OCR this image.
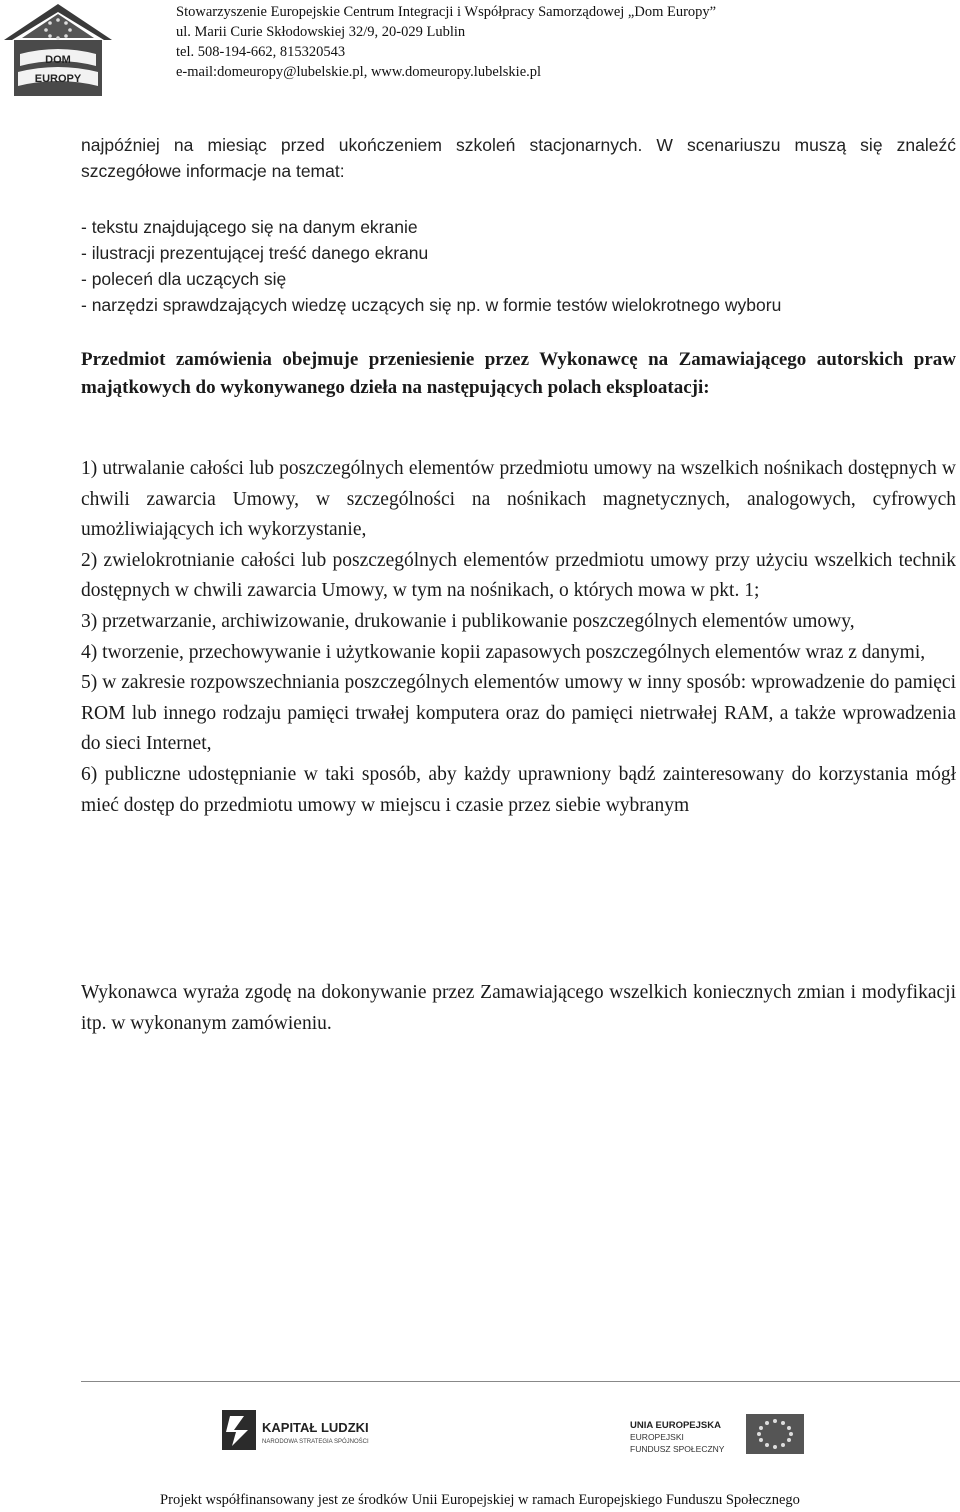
DOM
EUROPY
Stowarzyszenie Europejskie Centrum Integracji i Współpracy Samorządowej „Dom Europy”
ul. Marii Curie Skłodowskiej 32/9, 20-029 Lublin
tel. 508-194-662, 815320543
e-mail:domeuropy@lubelskie.pl, www.domeuropy.lubelskie.pl

najpóźniej na miesiąc przed ukończeniem szkoleń stacjonarnych. W scenariuszu muszą się znaleźć szczegółowe informacje na temat:

- tekstu znajdującego się na danym ekranie
- ilustracji prezentującej treść danego ekranu
- poleceń dla uczących się
- narzędzi sprawdzających wiedzę uczących się np. w formie testów wielokrotnego wyboru
Przedmiot zamówienia obejmuje przeniesienie przez Wykonawcę na Zamawiającego autorskich praw majątkowych do wykonywanego dzieła na następujących polach eksploatacji:

1) utrwalanie całości lub poszczególnych elementów przedmiotu umowy na wszelkich nośnikach dostępnych w chwili zawarcia Umowy, w szczególności na nośnikach magnetycznych, analogowych, cyfrowych umożliwiających ich wykorzystanie,

2) zwielokrotnianie całości lub poszczególnych elementów przedmiotu umowy przy użyciu wszelkich technik dostępnych w chwili zawarcia Umowy, w tym na nośnikach, o których mowa w pkt. 1;

3) przetwarzanie, archiwizowanie, drukowanie i publikowanie poszczególnych elementów umowy,

4) tworzenie, przechowywanie i użytkowanie kopii zapasowych poszczególnych elementów wraz z danymi,

5) w zakresie rozpowszechniania poszczególnych elementów umowy w inny sposób: wprowadzenie do pamięci ROM lub innego rodzaju pamięci trwałej komputera oraz do pamięci nietrwałej RAM, a także wprowadzenia do sieci Internet,

6) publiczne udostępnianie w taki sposób, aby każdy uprawniony bądź zainteresowany do korzystania mógł mieć dostęp do przedmiotu umowy w miejscu i czasie przez siebie wybranym

Wykonawca wyraża zgodę na dokonywanie przez Zamawiającego wszelkich koniecznych zmian i modyfikacji itp. w wykonanym zamówieniu.
KAPITAŁ LUDZKI
NARODOWA STRATEGIA SPÓJNOŚCI
UNIA EUROPEJSKA
EUROPEJSKI
FUNDUSZ SPOŁECZNY
Projekt współfinansowany jest ze środków Unii Europejskiej w ramach Europejskiego Funduszu Społecznego
